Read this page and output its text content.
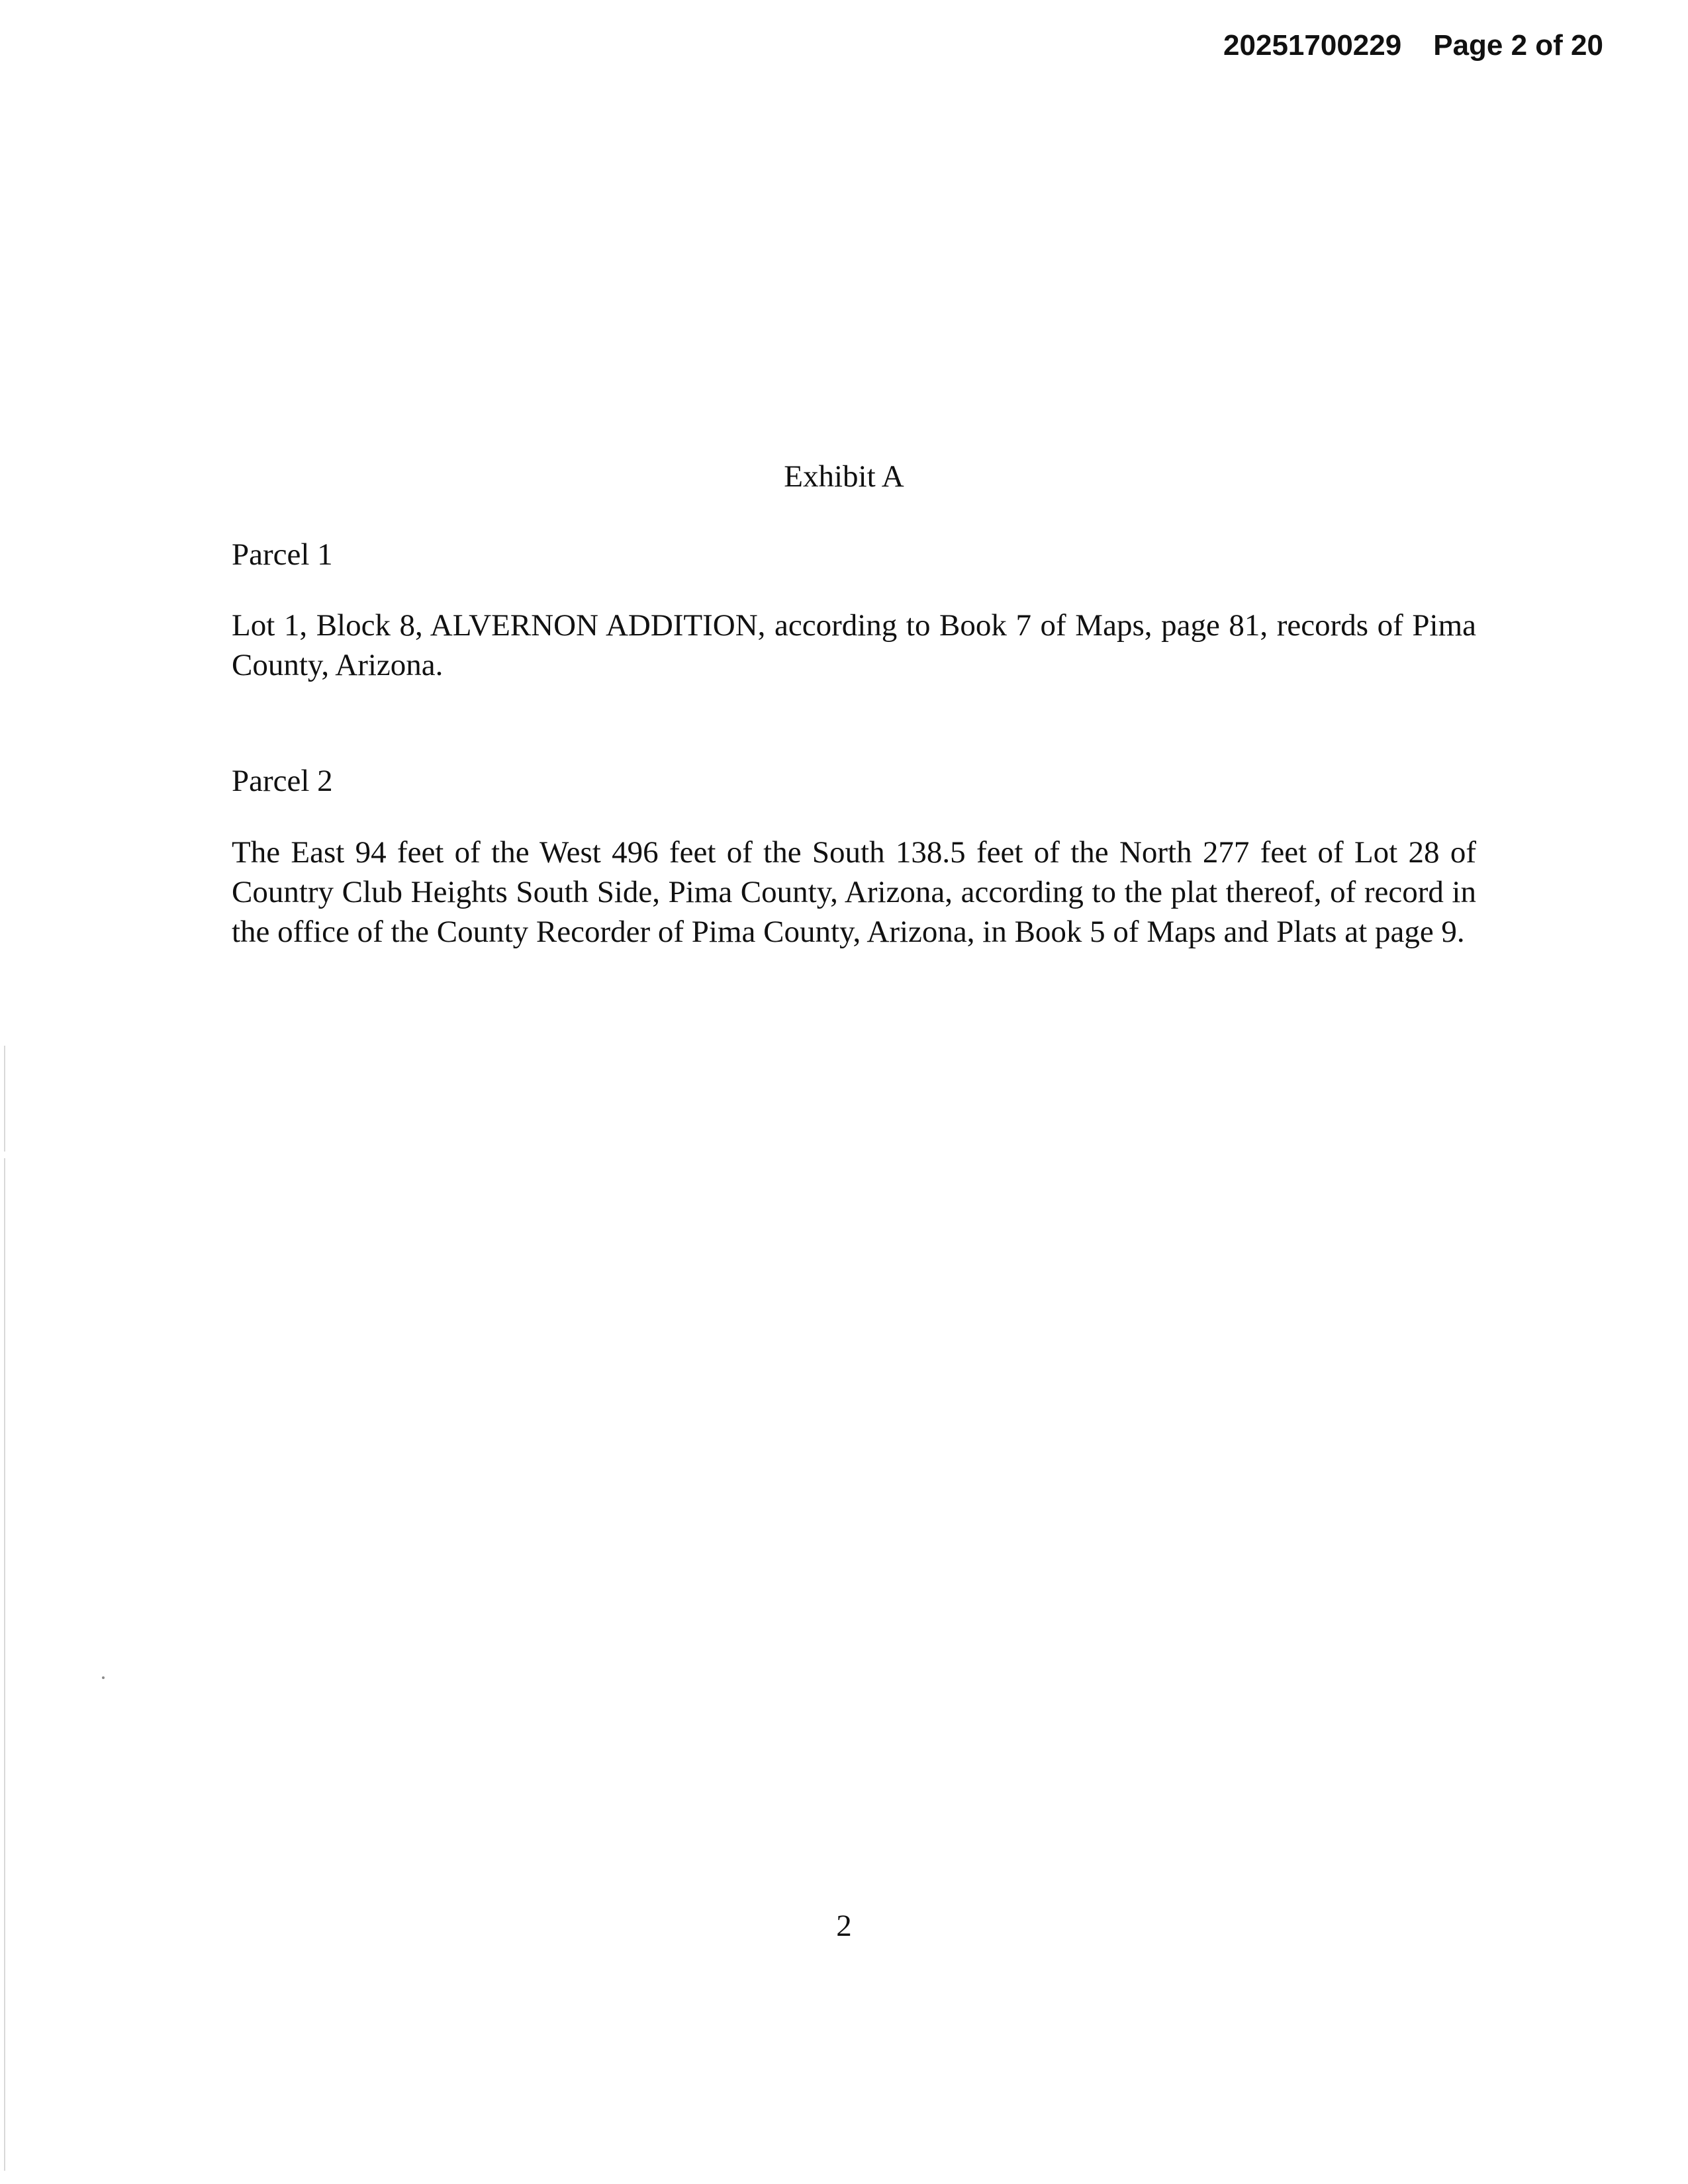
20251700229 Page 2 of 20
Exhibit A
Parcel 1

Lot 1, Block 8, ALVERNON ADDITION, according to Book 7 of Maps, page 81, records of Pima County, Arizona.

Parcel 2

The East 94 feet of the West 496 feet of the South 138.5 feet of the North 277 feet of Lot 28 of Country Club Heights South Side, Pima County, Arizona, according to the plat thereof, of record in the office of the County Recorder of Pima County, Arizona, in Book 5 of Maps and Plats at page 9.

2
